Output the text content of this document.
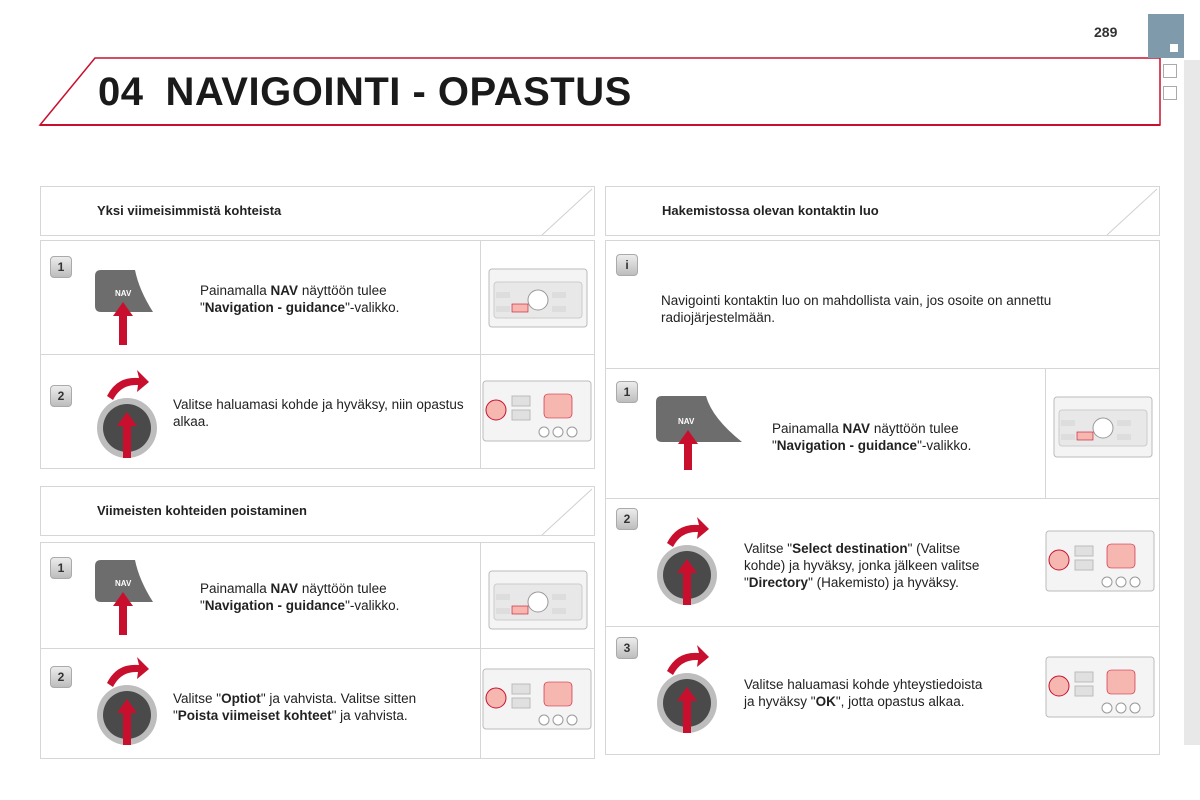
04 NAVIGOINTI - OPASTUS
289
Yksi viimeisimmistä kohteista
1
NAV	Painamalla NAV näyttöön tulee
"Navigation - guidance"-valikko.
2
Valitse haluamasi kohde ja hyväksy, niin opastus alkaa.
Viimeisten kohteiden poistaminen
1
NAV	Painamalla NAV näyttöön tulee
"Navigation - guidance"-valikko.
2
Valitse "Optiot" ja vahvista. Valitse sitten
"Poista viimeiset kohteet" ja vahvista.
Hakemistossa olevan kontaktin luo
i
Navigointi kontaktin luo on mahdollista vain, jos osoite on annettu radiojärjestelmään.
1
NAV	Painamalla NAV näyttöön tulee
"Navigation - guidance"-valikko.
2
Valitse "Select destination" (Valitse
kohde) ja hyväksy, jonka jälkeen valitse
"Directory" (Hakemisto) ja hyväksy.
3
Valitse haluamasi kohde yhteystiedoista
ja hyväksy "OK", jotta opastus alkaa.
